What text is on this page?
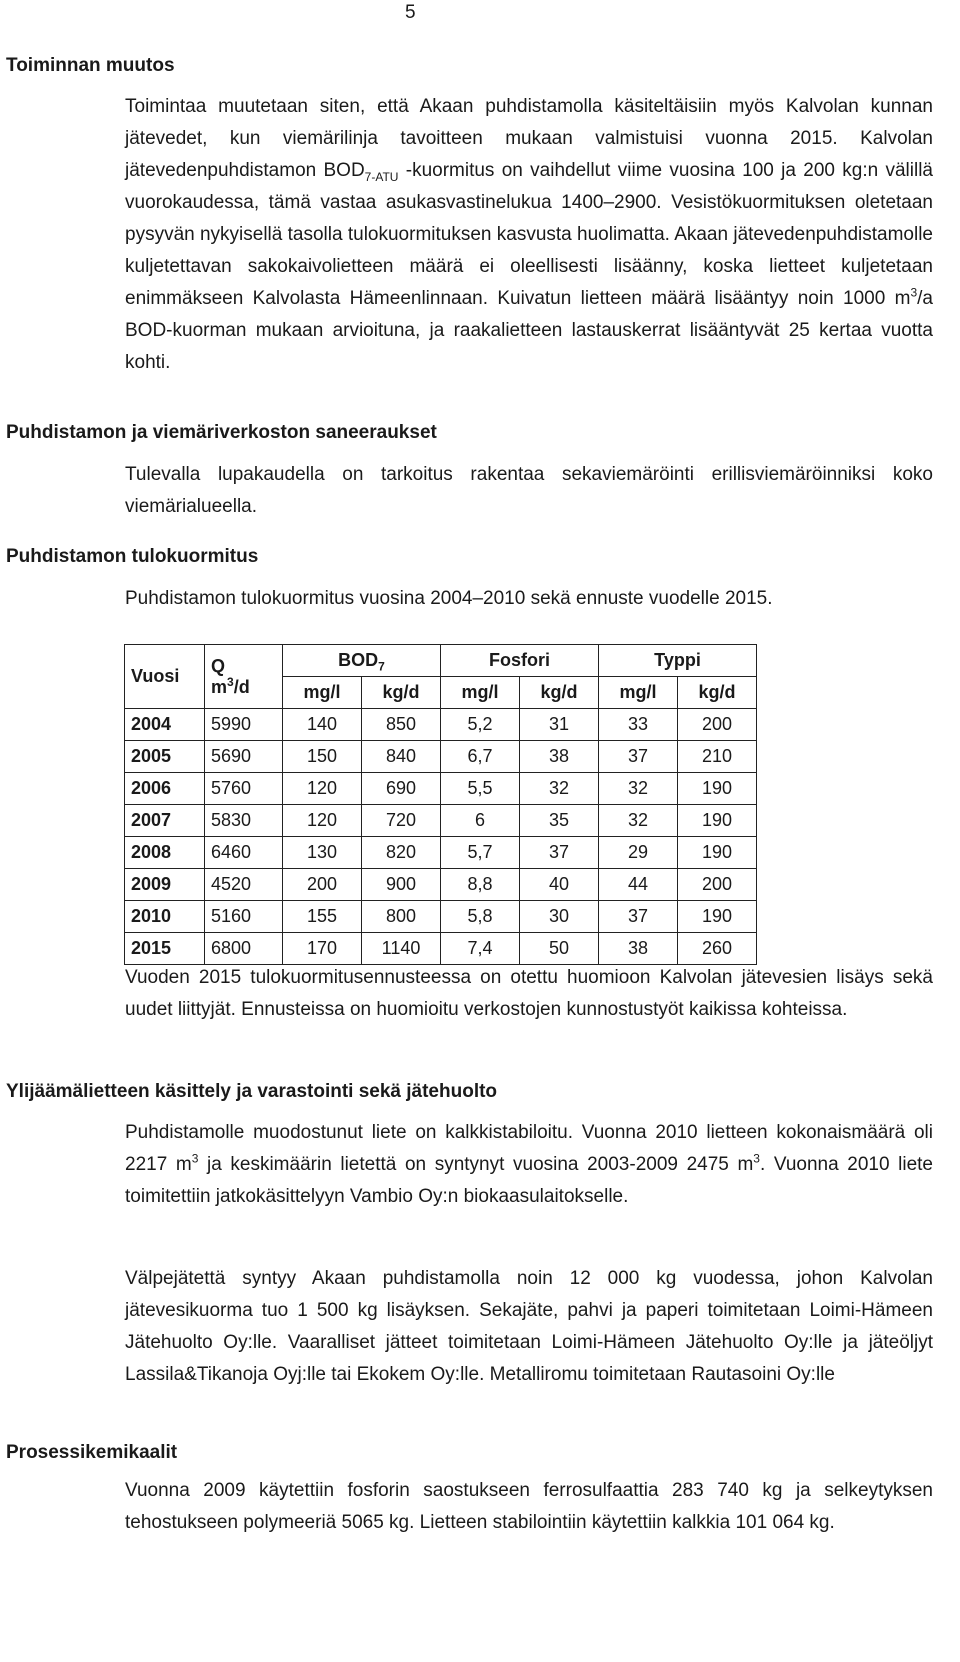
5
Toiminnan muutos

Toimintaa muutetaan siten, että Akaan puhdistamolla käsiteltäisiin myös Kalvolan kunnan jätevedet, kun viemärilinja tavoitteen mukaan valmistuisi vuonna 2015. Kalvolan jätevedenpuhdistamon $BOD_{7-ATU}$ -kuormitus on vaihdellut viime vuosina 100 ja 200 kg:n välillä vuorokaudessa, tämä vastaa asukasvastinelukua 1400–2900. Vesistökuormituksen oletetaan pysyvän nykyisellä tasolla tulokuormituksen kasvusta huolimatta. Akaan jätevedenpuhdistamolle kuljetettavan sakokaivolietteen määrä ei oleellisesti lisäänny, koska lietteet kuljetetaan enimmäkseen Kalvolasta Hämeenlinnaan. Kuivatun lietteen määrä lisääntyy noin 1000 $m^3/a$ BOD-kuorman mukaan arvioituna, ja raakalietteen lastauskerrat lisääntyvät 25 kertaa vuotta kohti.

Puhdistamon ja viemäriverkoston saneeraukset

Tulevalla lupakaudella on tarkoitus rakentaa sekaviemäröinti erillisviemäröinniksi koko viemärialueella.

Puhdistamon tulokuormitus

Puhdistamon tulokuormitus vuosina 2004–2010 sekä ennuste vuodelle 2015.

Vuosi	Q
$m^3/d$	$BOD_7$		Fosfori		Typpi	
		mg/l	kg/d	mg/l	kg/d	mg/l	kg/d
2004	5990	140	850	5,2	31	33	200
2005	5690	150	840	6,7	38	37	210
2006	5760	120	690	5,5	32	32	190
2007	5830	120	720	6	35	32	190
2008	6460	130	820	5,7	37	29	190
2009	4520	200	900	8,8	40	44	200
2010	5160	155	800	5,8	30	37	190
2015	6800	170	1140	7,4	50	38	260

Vuoden 2015 tulokuormitusennusteessa on otettu huomioon Kalvolan jätevesien lisäys sekä uudet liittyjät. Ennusteissa on huomioitu verkostojen kunnostustyöt kaikissa kohteissa.

Ylijäämälietteen käsittely ja varastointi sekä jätehuolto

Puhdistamolle muodostunut liete on kalkkistabiloitu. Vuonna 2010 lietteen kokonaismäärä oli 2217 $m^3$ ja keskimäärin lietettä on syntynyt vuosina 2003-2009 2475 $m^3$. Vuonna 2010 liete toimitettiin jatkokäsittelyyn Vambio Oy:n biokaasulaitokselle.

Välpejätettä syntyy Akaan puhdistamolla noin 12 000 kg vuodessa, johon Kalvolan jätevesikuorma tuo 1 500 kg lisäyksen. Sekajäte, pahvi ja paperi toimitetaan Loimi-Hämeen Jätehuolto Oy:lle. Vaaralliset jätteet toimitetaan Loimi-Hämeen Jätehuolto Oy:lle ja jäteöljyt Lassila&Tikanoja Oyj:lle tai Ekokem Oy:lle. Metalliromu toimitetaan Rautasoini Oy:lle

Prosessikemikaalit

Vuonna 2009 käytettiin fosforin saostukseen ferrosulfaattia 283 740 kg ja selkeytyksen tehostukseen polymeeriä 5065 kg. Lietteen stabilointiin käytettiin kalkkia 101 064 kg.
